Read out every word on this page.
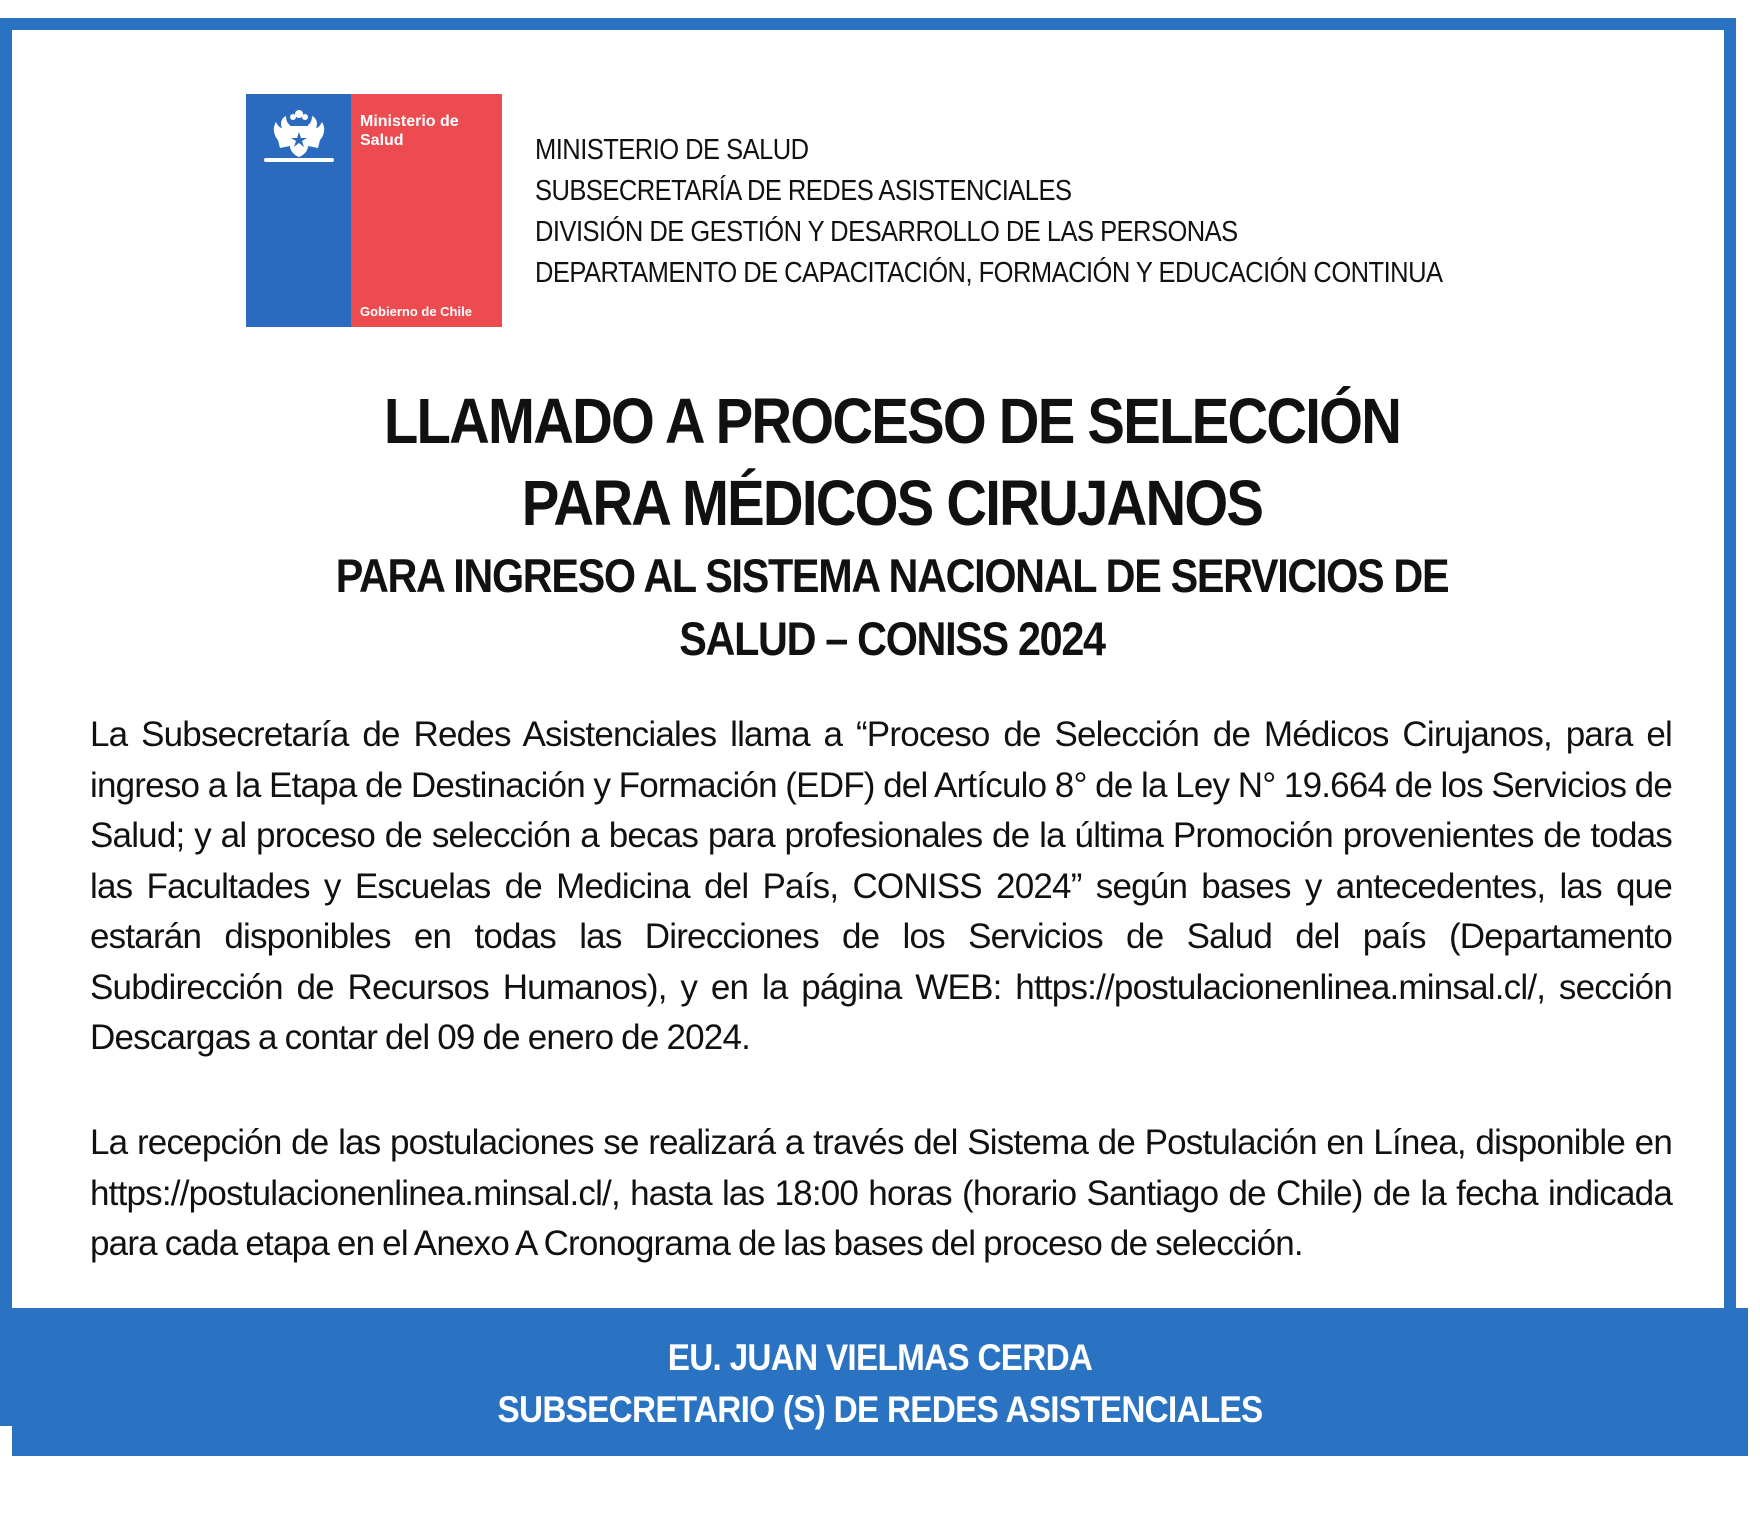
Ministerio de Salud
Gobierno de Chile
MINISTERIO DE SALUD
SUBSECRETARÍA DE REDES ASISTENCIALES
DIVISIÓN DE GESTIÓN Y DESARROLLO DE LAS PERSONAS
DEPARTAMENTO DE CAPACITACIÓN, FORMACIÓN Y EDUCACIÓN CONTINUA
LLAMADO A PROCESO DE SELECCIÓN
PARA MÉDICOS CIRUJANOS
PARA INGRESO AL SISTEMA NACIONAL DE SERVICIOS DE
SALUD – CONISS 2024

La Subsecretaría de Redes Asistenciales llama a “Proceso de Selección de Médicos Cirujanos, para el ingreso a la Etapa de Destinación y Formación (EDF) del Artículo 8° de la Ley N° 19.664 de los Servicios de Salud; y al proceso de selección a becas para profesionales de la última Promoción provenientes de todas las Facultades y Escuelas de Medicina del País, CONISS 2024” según bases y antecedentes, las que estarán disponibles en todas las Direcciones de los Servicios de Salud del país (Departamento Subdirección de Recursos Humanos), y en la página WEB: https://postulacionenlinea.minsal.cl/, sección Descargas a contar del 09 de enero de 2024.

La recepción de las postulaciones se realizará a través del Sistema de Postulación en Línea, disponible en https://postulacionenlinea.minsal.cl/, hasta las 18:00 horas (horario Santiago de Chile) de la fecha indicada para cada etapa en el Anexo A Cronograma de las bases del proceso de selección.

EU. JUAN VIELMAS CERDA
SUBSECRETARIO (S) DE REDES ASISTENCIALES
